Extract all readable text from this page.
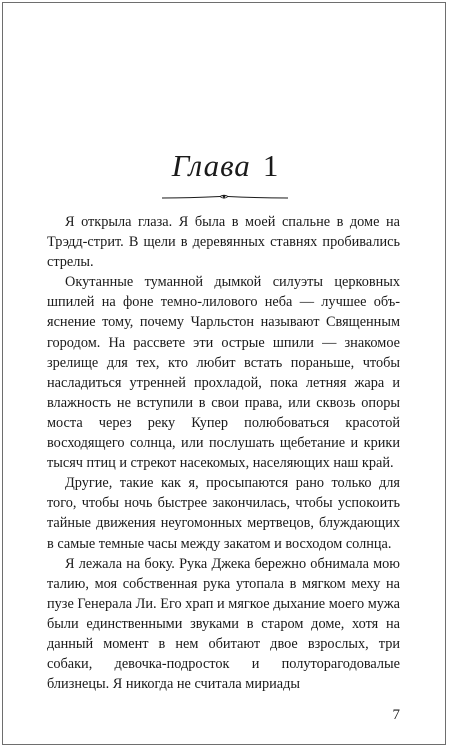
Глава 1

Я открыла глаза. Я была в моей спальне в доме на Трэдд-стрит. В щели в деревянных ставнях пробивались стрелы.

Окутанные туманной дымкой силуэты церковных шпилей на фоне темно-лилового неба — лучшее объяснение тому, почему Чарльстон называют Священным городом. На рассвете эти острые шпили — знакомое зрелище для тех, кто любит встать пораньше, чтобы насладиться утренней прохладой, пока летняя жара и влажность не вступили в свои права, или сквозь опоры моста через реку Купер полюбоваться красотой восходящего солнца, или послушать щебетание и крики тысяч птиц и стрекот насекомых, населяющих наш край.

Другие, такие как я, просыпаются рано только для того, чтобы ночь быстрее закончилась, чтобы успокоить тайные движения неугомонных мертвецов, блуждающих в самые темные часы между закатом и восходом солнца.

Я лежала на боку. Рука Джека бережно обнимала мою талию, моя собственная рука утопала в мягком меху на пузе Генерала Ли. Его храп и мягкое дыхание моего мужа были единственными звуками в старом доме, хотя на данный момент в нем обитают двое взрослых, три собаки, девочка-подросток и полуторагодовалые близнецы. Я никогда не считала мириады

7
